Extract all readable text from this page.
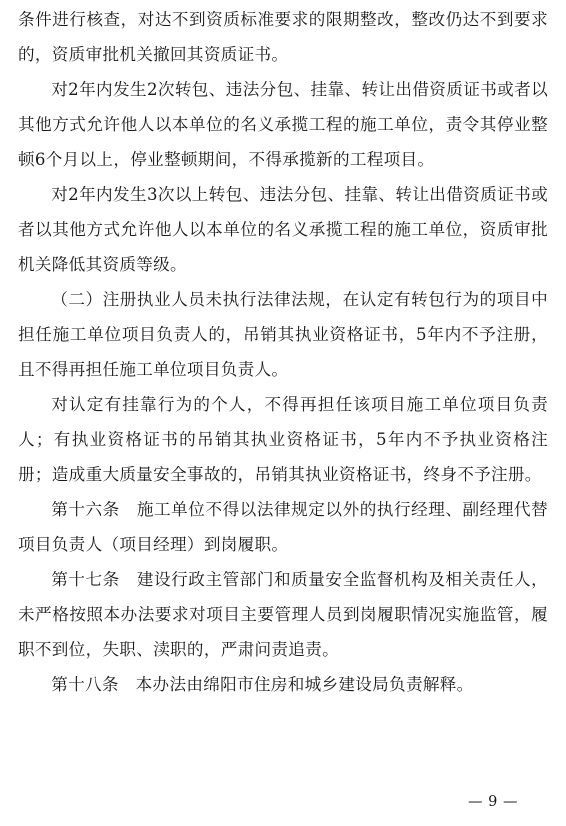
条件进行核查，对达不到资质标准要求的限期整改，整改仍达不到要求的，资质审批机关撤回其资质证书。

对2年内发生2次转包、违法分包、挂靠、转让出借资质证书或者以其他方式允许他人以本单位的名义承揽工程的施工单位，责令其停业整顿6个月以上，停业整顿期间，不得承揽新的工程项目。

对2年内发生3次以上转包、违法分包、挂靠、转让出借资质证书或者以其他方式允许他人以本单位的名义承揽工程的施工单位，资质审批机关降低其资质等级。

（二）注册执业人员未执行法律法规，在认定有转包行为的项目中担任施工单位项目负责人的，吊销其执业资格证书，5年内不予注册，且不得再担任施工单位项目负责人。

对认定有挂靠行为的个人，不得再担任该项目施工单位项目负责人；有执业资格证书的吊销其执业资格证书，5年内不予执业资格注册；造成重大质量安全事故的，吊销其执业资格证书，终身不予注册。

第十六条　施工单位不得以法律规定以外的执行经理、副经理代替项目负责人（项目经理）到岗履职。

第十七条　建设行政主管部门和质量安全监督机构及相关责任人，未严格按照本办法要求对项目主要管理人员到岗履职情况实施监管，履职不到位，失职、渎职的，严肃问责追责。

第十八条　本办法由绵阳市住房和城乡建设局负责解释。

— 9 —
